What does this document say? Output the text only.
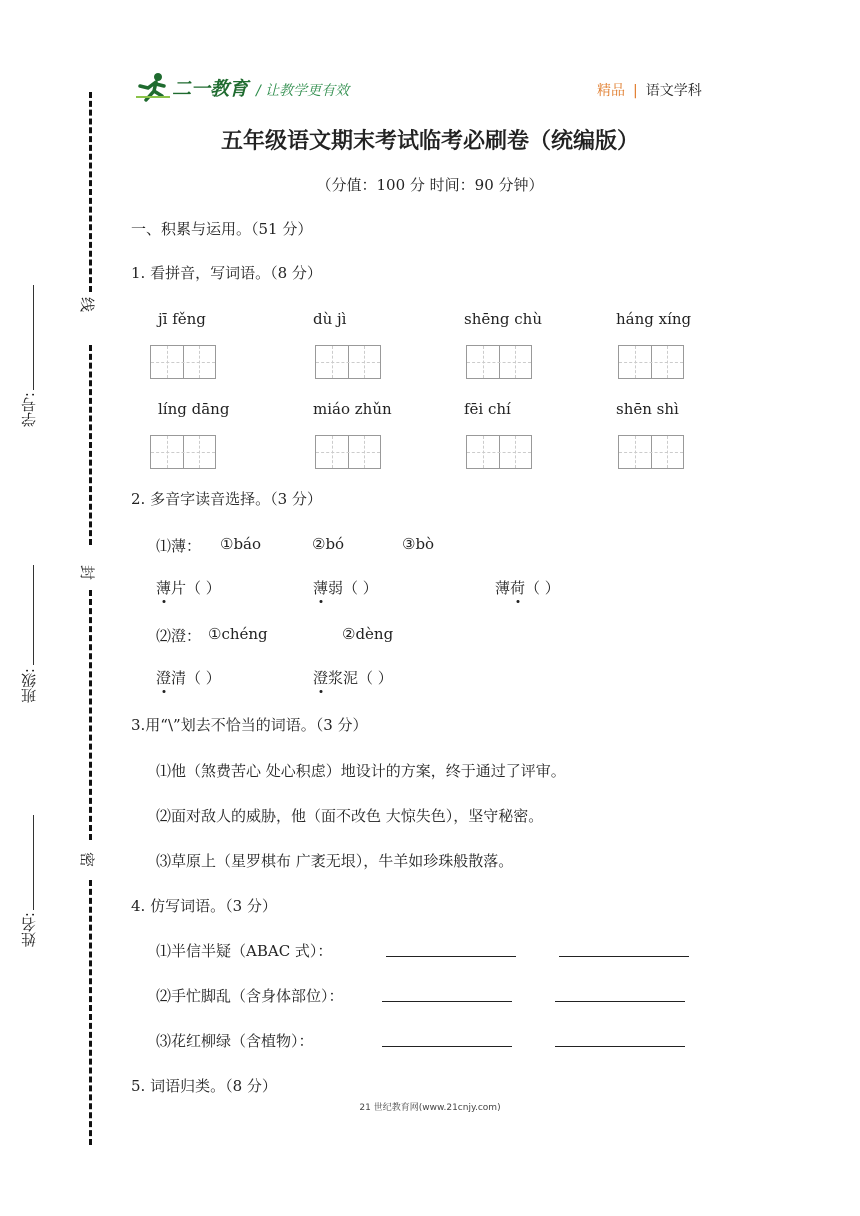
线
封
密
学号:
班级:
姓名:
二一教育 / 让教学更有效	精品 | 语文学科
五年级语文期末考试临考必刷卷（统编版）
（分值：100 分 时间：90 分钟）
一、积累与运用。（51 分）
1. 看拼音，写词语。（8 分）
jī fěng	dù jì	shēng chù	háng xíng
líng dāng	miáo zhǔn	fēi chí	shēn shì
2. 多音字读音选择。（3 分）
⑴薄： ①báo	②bó	③bò
薄片（ ）	薄弱（ ）	薄荷（ ）
⑵澄： ①chéng	②dèng
澄清（ ）	澄浆泥（ ）
3.用“\”划去不恰当的词语。（3 分）
⑴他（煞费苦心 处心积虑）地设计的方案，终于通过了评审。
⑵面对敌人的威胁，他（面不改色 大惊失色），坚守秘密。
⑶草原上（星罗棋布 广袤无垠），牛羊如珍珠般散落。
4. 仿写词语。（3 分）
⑴半信半疑（ABAC 式）：
⑵手忙脚乱（含身体部位）：
⑶花红柳绿（含植物）：
5. 词语归类。（8 分）
21 世纪教育网(www.21cnjy.com)
